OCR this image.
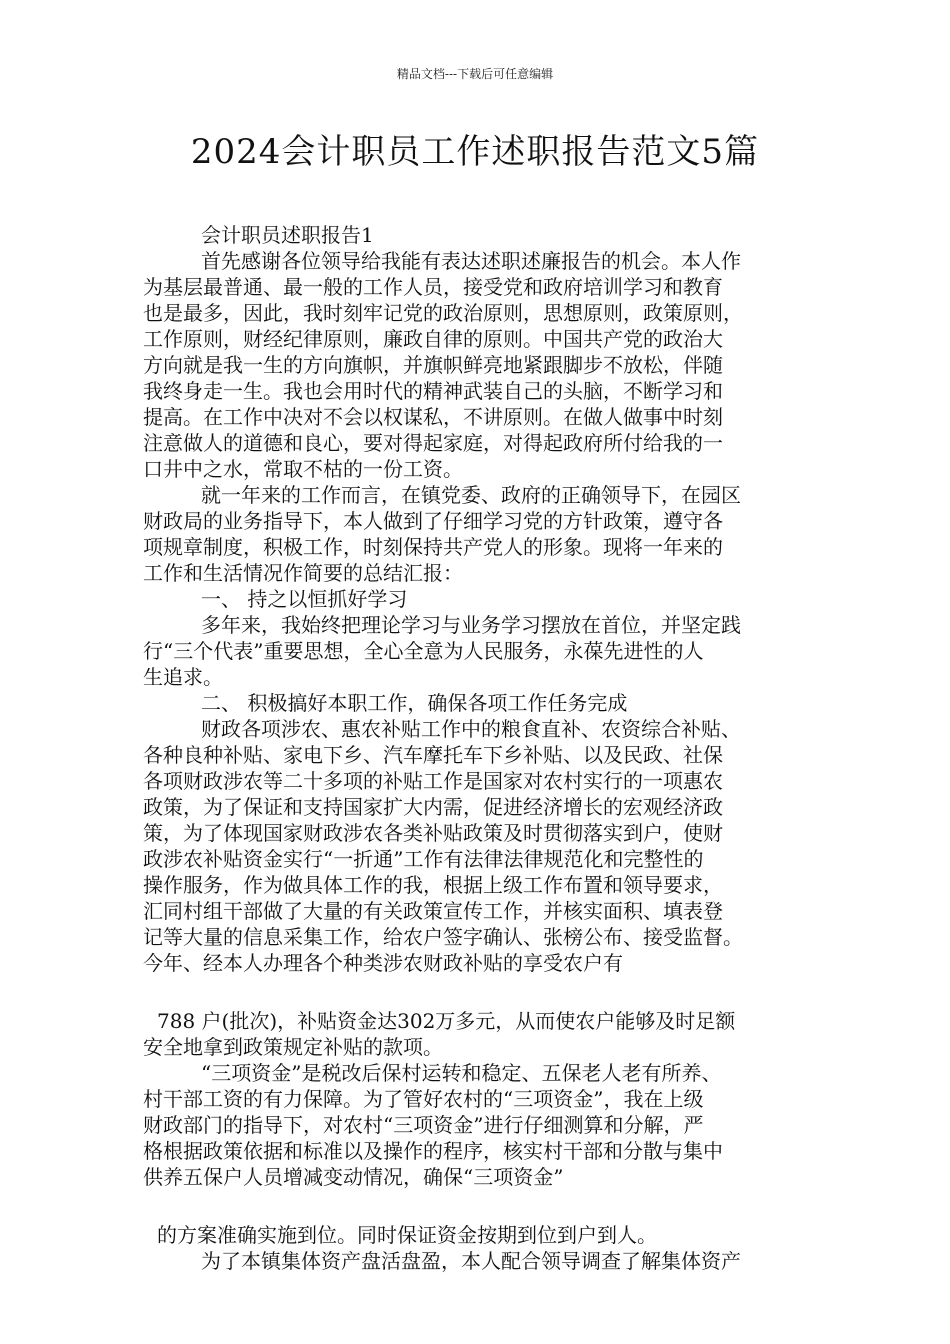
精品文档---下载后可任意编辑
2024会计职员工作述职报告范文5篇
会计职员述职报告1
首先感谢各位领导给我能有表达述职述廉报告的机会。本人作
为基层最普通、最一般的工作人员，接受党和政府培训学习和教育
也是最多，因此，我时刻牢记党的政治原则，思想原则，政策原则，
工作原则，财经纪律原则，廉政自律的原则。中国共产党的政治大
方向就是我一生的方向旗帜，并旗帜鲜亮地紧跟脚步不放松，伴随
我终身走一生。我也会用时代的精神武装自己的头脑，不断学习和
提高。在工作中决对不会以权谋私，不讲原则。在做人做事中时刻
注意做人的道德和良心，要对得起家庭，对得起政府所付给我的一
口井中之水，常取不枯的一份工资。
就一年来的工作而言，在镇党委、政府的正确领导下，在园区
财政局的业务指导下，本人做到了仔细学习党的方针政策，遵守各
项规章制度，积极工作，时刻保持共产党人的形象。现将一年来的
工作和生活情况作简要的总结汇报：
一、 持之以恒抓好学习
多年来，我始终把理论学习与业务学习摆放在首位，并坚定践
行“三个代表”重要思想，全心全意为人民服务，永葆先进性的人
生追求。
二、 积极搞好本职工作，确保各项工作任务完成
财政各项涉农、惠农补贴工作中的粮食直补、农资综合补贴、
各种良种补贴、家电下乡、汽车摩托车下乡补贴、以及民政、社保
各项财政涉农等二十多项的补贴工作是国家对农村实行的一项惠农
政策，为了保证和支持国家扩大内需，促进经济增长的宏观经济政
策，为了体现国家财政涉农各类补贴政策及时贯彻落实到户，使财
政涉农补贴资金实行“一折通”工作有法律法律规范化和完整性的
操作服务，作为做具体工作的我，根据上级工作布置和领导要求，
汇同村组干部做了大量的有关政策宣传工作，并核实面积、填表登
记等大量的信息采集工作，给农户签字确认、张榜公布、接受监督。
今年、经本人办理各个种类涉农财政补贴的享受农户有
788 户(批次)，补贴资金达302万多元，从而使农户能够及时足额
安全地拿到政策规定补贴的款项。
“三项资金”是税改后保村运转和稳定、五保老人老有所养、
村干部工资的有力保障。为了管好农村的“三项资金”，我在上级
财政部门的指导下，对农村“三项资金”进行仔细测算和分解，严
格根据政策依据和标准以及操作的程序，核实村干部和分散与集中
供养五保户人员增减变动情况，确保“三项资金”
的方案准确实施到位。同时保证资金按期到位到户到人。
为了本镇集体资产盘活盘盈，本人配合领导调查了解集体资产
